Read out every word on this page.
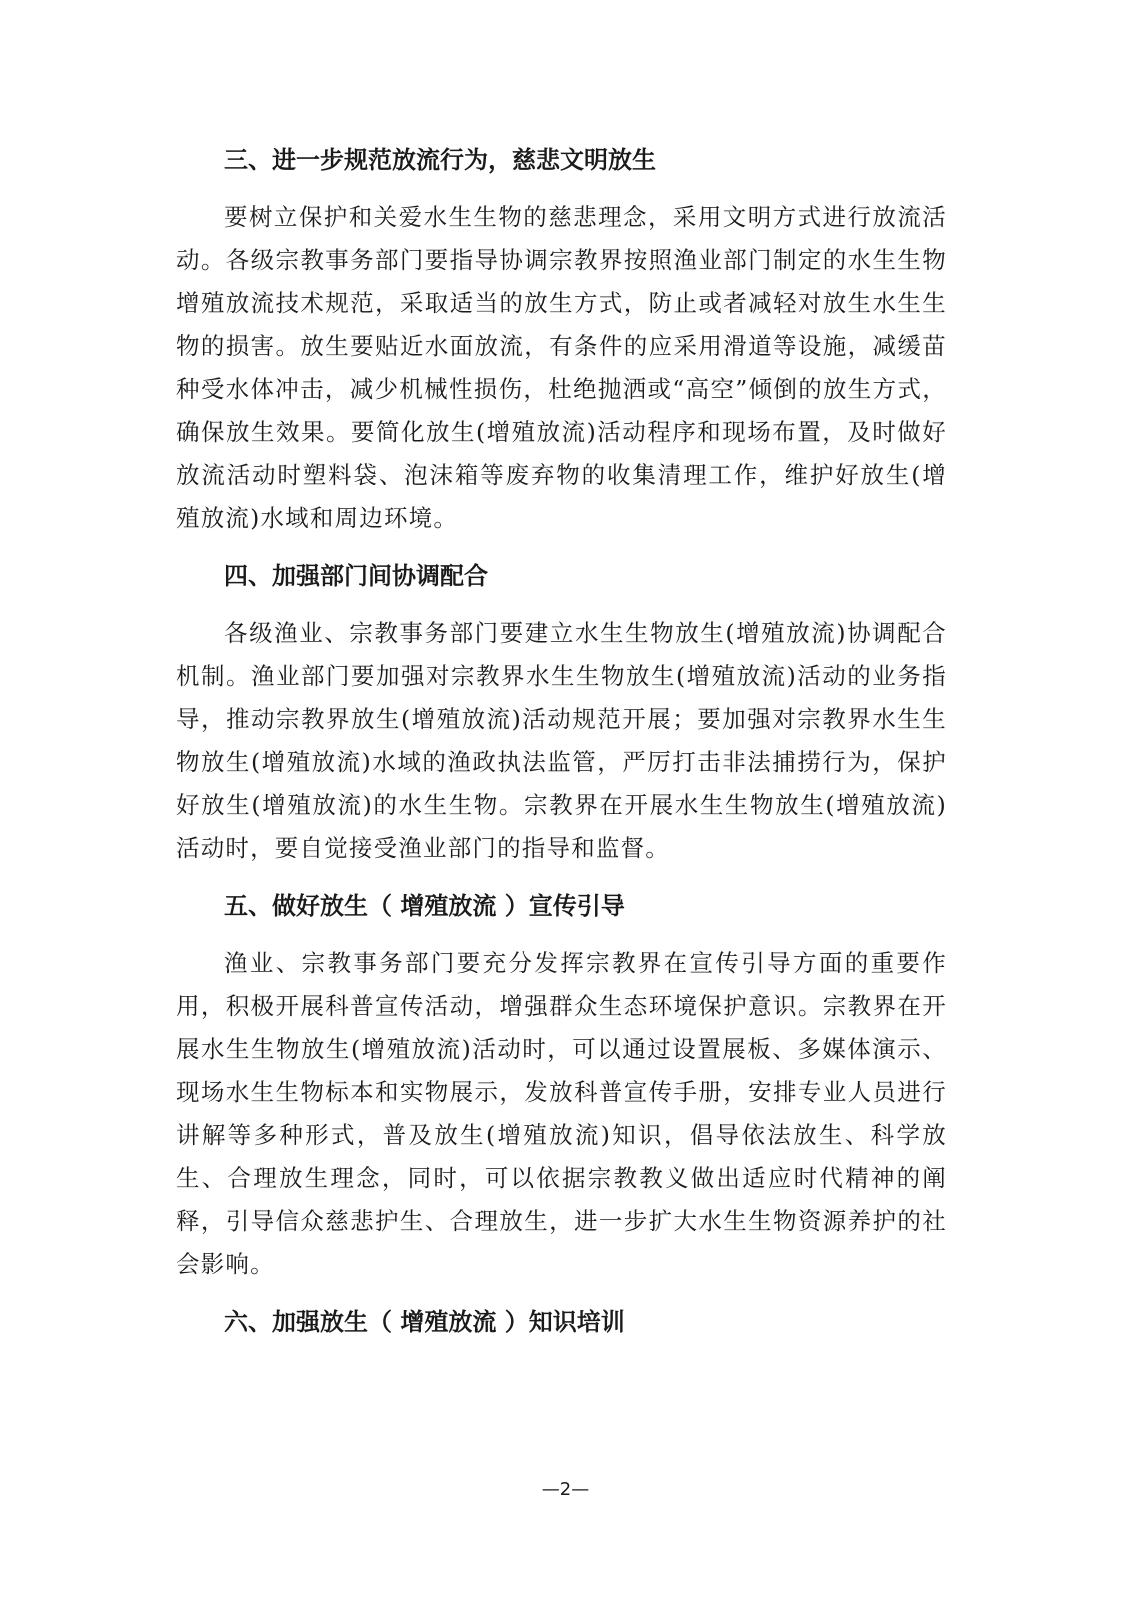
三、进一步规范放流行为，慈悲文明放生

要树立保护和关爱水生生物的慈悲理念，采用文明方式进行放流活动。各级宗教事务部门要指导协调宗教界按照渔业部门制定的水生生物增殖放流技术规范，采取适当的放生方式，防止或者减轻对放生水生生物的损害。放生要贴近水面放流，有条件的应采用滑道等设施，减缓苗种受水体冲击，减少机械性损伤，杜绝抛洒或“高空”倾倒的放生方式，确保放生效果。要简化放生(增殖放流)活动程序和现场布置，及时做好放流活动时塑料袋、泡沫箱等废弃物的收集清理工作，维护好放生(增殖放流)水域和周边环境。

四、加强部门间协调配合

各级渔业、宗教事务部门要建立水生生物放生(增殖放流)协调配合机制。渔业部门要加强对宗教界水生生物放生(增殖放流)活动的业务指导，推动宗教界放生(增殖放流)活动规范开展；要加强对宗教界水生生物放生(增殖放流)水域的渔政执法监管，严厉打击非法捕捞行为，保护好放生(增殖放流)的水生生物。宗教界在开展水生生物放生(增殖放流)活动时，要自觉接受渔业部门的指导和监督。

五、做好放生（ 增殖放流 ）宣传引导

渔业、宗教事务部门要充分发挥宗教界在宣传引导方面的重要作用，积极开展科普宣传活动，增强群众生态环境保护意识。宗教界在开展水生生物放生(增殖放流)活动时，可以通过设置展板、多媒体演示、现场水生生物标本和实物展示，发放科普宣传手册，安排专业人员进行讲解等多种形式，普及放生(增殖放流)知识，倡导依法放生、科学放生、合理放生理念，同时，可以依据宗教教义做出适应时代精神的阐释，引导信众慈悲护生、合理放生，进一步扩大水生生物资源养护的社会影响。

六、加强放生（ 增殖放流 ）知识培训
—2—
